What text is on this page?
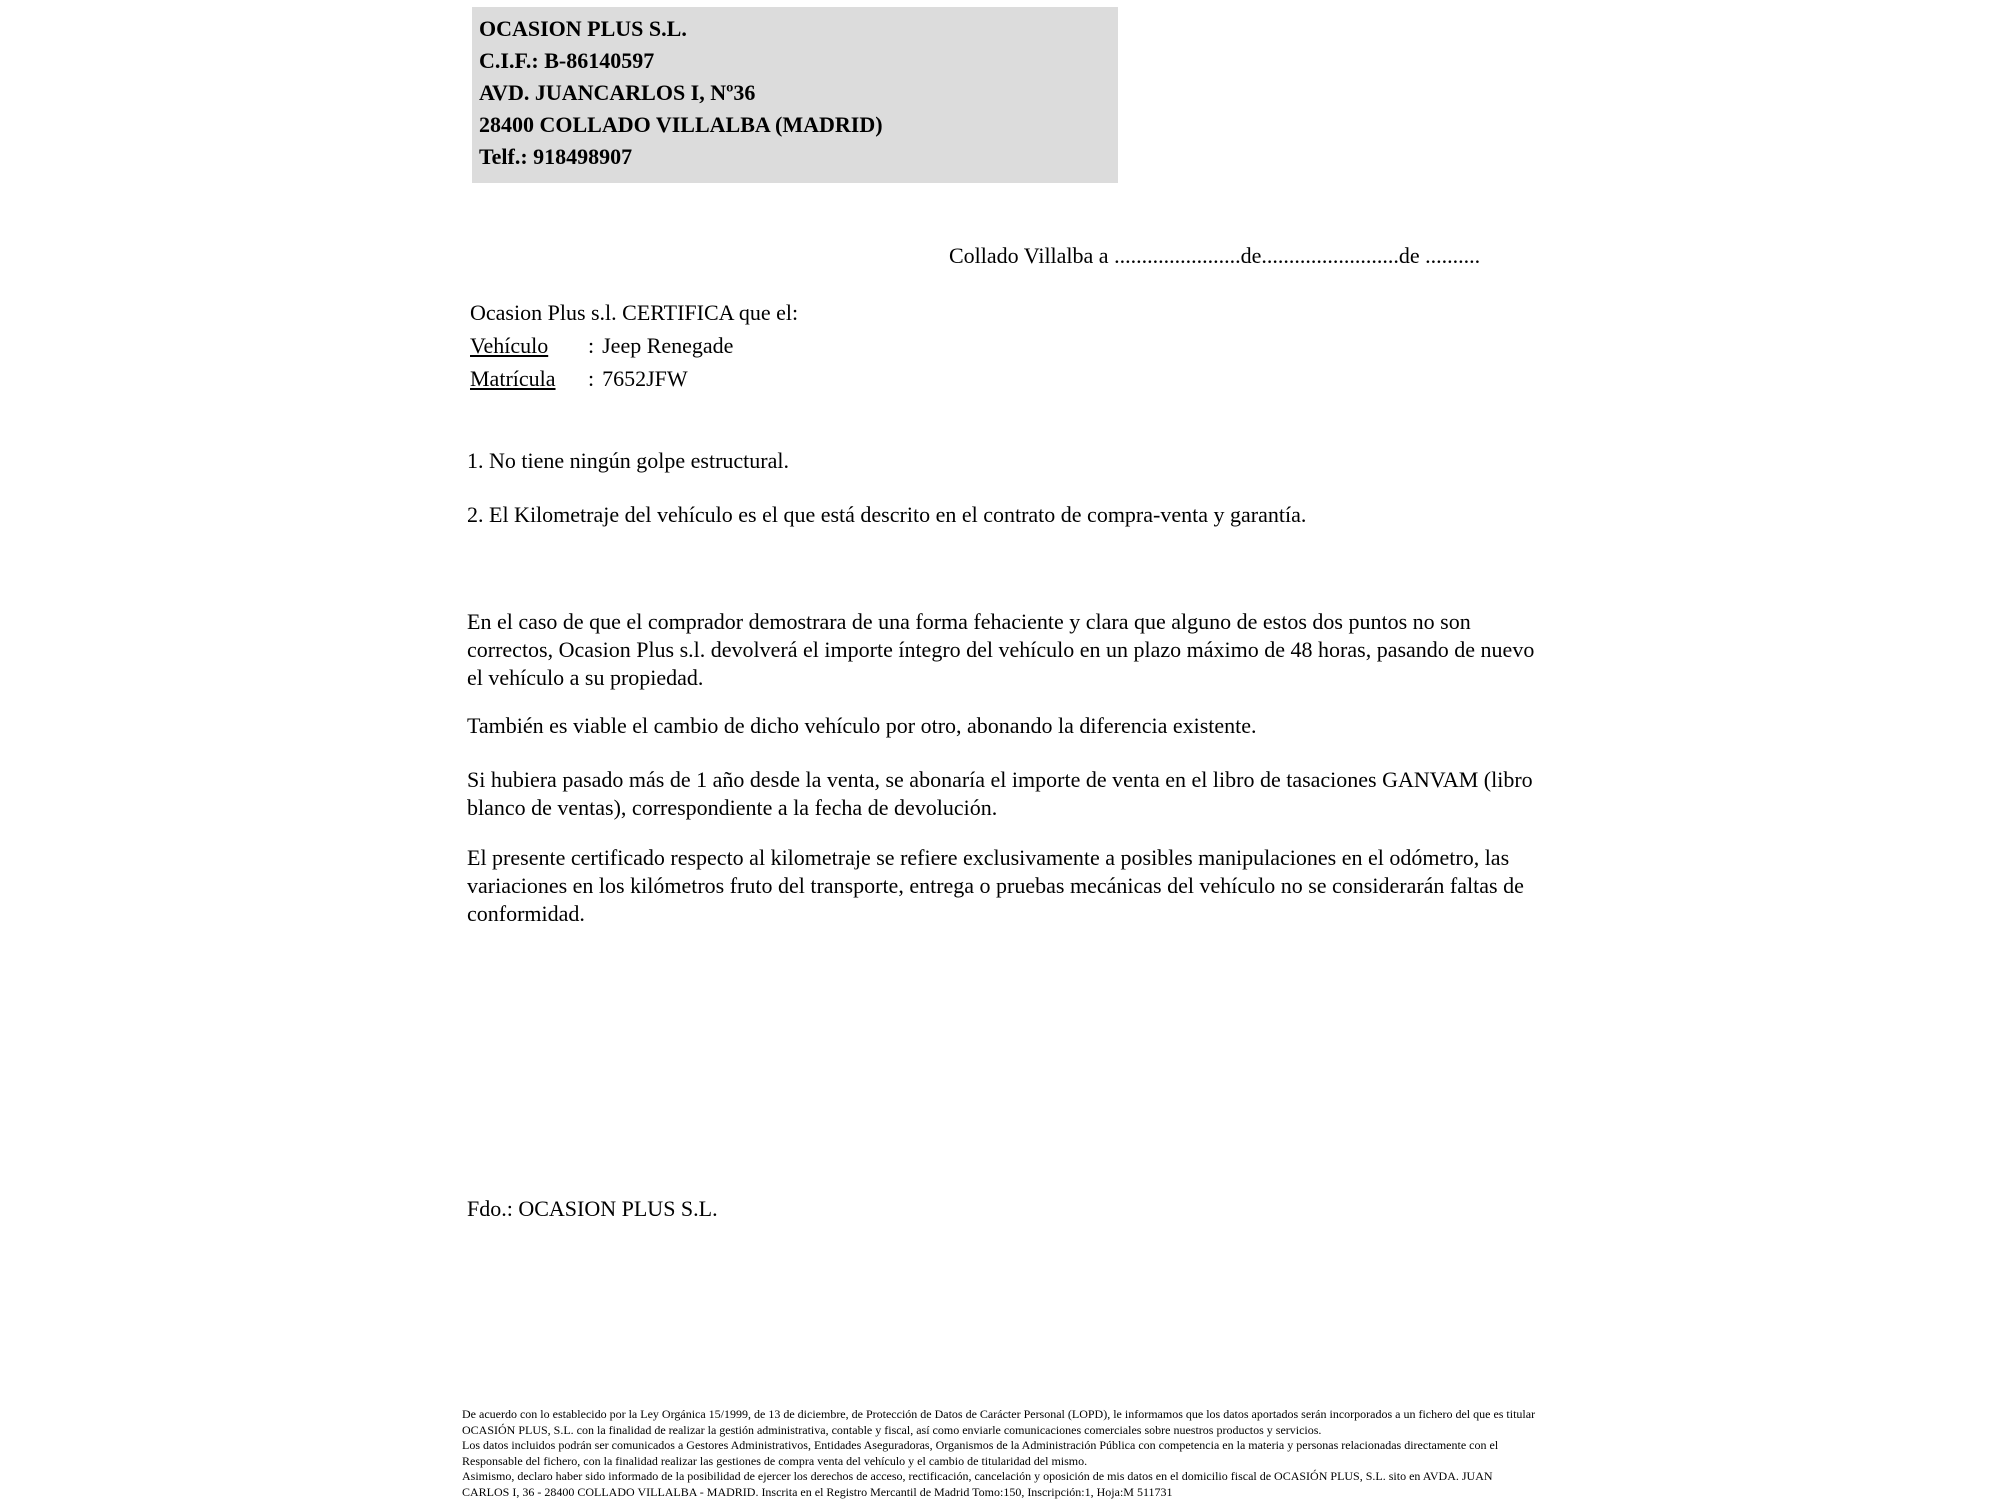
OCASION PLUS S.L.
C.I.F.: B-86140597
AVD. JUANCARLOS I, Nº36
28400 COLLADO VILLALBA (MADRID)
Telf.: 918498907
Collado Villalba a .......................de.........................de ..........
Ocasion Plus s.l. CERTIFICA que el:
Vehículo : Jeep Renegade
Matrícula : 7652JFW
1. No tiene ningún golpe estructural.
2. El Kilometraje del vehículo es el que está descrito en el contrato de compra-venta y garantía.
En el caso de que el comprador demostrara de una forma fehaciente y clara que alguno de estos dos puntos no son correctos, Ocasion Plus s.l. devolverá el importe íntegro del vehículo en un plazo máximo de 48 horas, pasando de nuevo el vehículo a su propiedad.
También es viable el cambio de dicho vehículo por otro, abonando la diferencia existente.
Si hubiera pasado más de 1 año desde la venta, se abonaría el importe de venta en el libro de tasaciones GANVAM (libro blanco de ventas), correspondiente a la fecha de devolución.
El presente certificado respecto al kilometraje se refiere exclusivamente a posibles manipulaciones en el odómetro, las variaciones en los kilómetros fruto del transporte, entrega o pruebas mecánicas del vehículo no se considerarán faltas de conformidad.
Fdo.: OCASION PLUS S.L.
De acuerdo con lo establecido por la Ley Orgánica 15/1999, de 13 de diciembre, de Protección de Datos de Carácter Personal (LOPD), le informamos que los datos aportados serán incorporados a un fichero del que es titular
OCASIÓN PLUS, S.L. con la finalidad de realizar la gestión administrativa, contable y fiscal, así como enviarle comunicaciones comerciales sobre nuestros productos y servicios.
Los datos incluidos podrán ser comunicados a Gestores Administrativos, Entidades Aseguradoras, Organismos de la Administración Pública con competencia en la materia y personas relacionadas directamente con el
Responsable del fichero, con la finalidad realizar las gestiones de compra venta del vehículo y el cambio de titularidad del mismo.
Asimismo, declaro haber sido informado de la posibilidad de ejercer los derechos de acceso, rectificación, cancelación y oposición de mis datos en el domicilio fiscal de OCASIÓN PLUS, S.L. sito en AVDA. JUAN
CARLOS I, 36 - 28400 COLLADO VILLALBA - MADRID. Inscrita en el Registro Mercantil de Madrid Tomo:150, Inscripción:1, Hoja:M 511731
